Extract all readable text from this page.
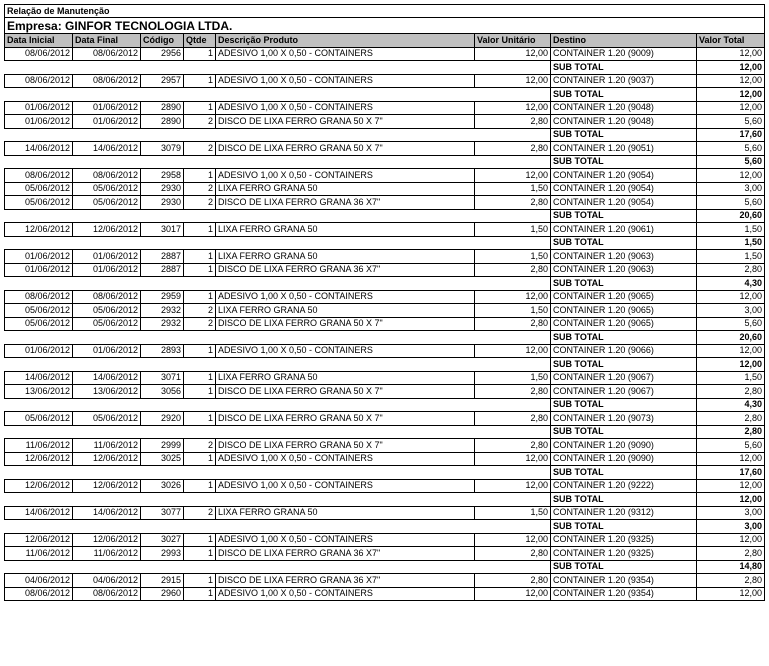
Relação de Manutenção							
Empresa: GINFOR TECNOLOGIA LTDA.							
Data Inicial	Data Final	Código	Qtde	Descrição Produto	Valor Unitário	Destino	Valor Total
08/06/2012	08/06/2012	2956	1	ADESIVO 1,00 X 0,50 - CONTAINERS	12,00	CONTAINER 1.20 (9009)	12,00
						SUB TOTAL	12,00
08/06/2012	08/06/2012	2957	1	ADESIVO 1,00 X 0,50 - CONTAINERS	12,00	CONTAINER 1.20 (9037)	12,00
						SUB TOTAL	12,00
01/06/2012	01/06/2012	2890	1	ADESIVO 1,00 X 0,50 - CONTAINERS	12,00	CONTAINER 1.20 (9048)	12,00
01/06/2012	01/06/2012	2890	2	DISCO DE LIXA FERRO GRANA 50 X 7"	2,80	CONTAINER 1.20 (9048)	5,60
						SUB TOTAL	17,60
14/06/2012	14/06/2012	3079	2	DISCO DE LIXA FERRO GRANA 50 X 7"	2,80	CONTAINER 1.20 (9051)	5,60
						SUB TOTAL	5,60
08/06/2012	08/06/2012	2958	1	ADESIVO 1,00 X 0,50 - CONTAINERS	12,00	CONTAINER 1.20 (9054)	12,00
05/06/2012	05/06/2012	2930	2	LIXA FERRO GRANA 50	1,50	CONTAINER 1.20 (9054)	3,00
05/06/2012	05/06/2012	2930	2	DISCO DE LIXA FERRO GRANA 36 X7"	2,80	CONTAINER 1.20 (9054)	5,60
						SUB TOTAL	20,60
12/06/2012	12/06/2012	3017	1	LIXA FERRO GRANA 50	1,50	CONTAINER 1.20 (9061)	1,50
						SUB TOTAL	1,50
01/06/2012	01/06/2012	2887	1	LIXA FERRO GRANA 50	1,50	CONTAINER 1.20 (9063)	1,50
01/06/2012	01/06/2012	2887	1	DISCO DE LIXA FERRO GRANA 36 X7"	2,80	CONTAINER 1.20 (9063)	2,80
						SUB TOTAL	4,30
08/06/2012	08/06/2012	2959	1	ADESIVO 1,00 X 0,50 - CONTAINERS	12,00	CONTAINER 1.20 (9065)	12,00
05/06/2012	05/06/2012	2932	2	LIXA FERRO GRANA 50	1,50	CONTAINER 1.20 (9065)	3,00
05/06/2012	05/06/2012	2932	2	DISCO DE LIXA FERRO GRANA 50 X 7"	2,80	CONTAINER 1.20 (9065)	5,60
						SUB TOTAL	20,60
01/06/2012	01/06/2012	2893	1	ADESIVO 1,00 X 0,50 - CONTAINERS	12,00	CONTAINER 1.20 (9066)	12,00
						SUB TOTAL	12,00
14/06/2012	14/06/2012	3071	1	LIXA FERRO GRANA 50	1,50	CONTAINER 1.20 (9067)	1,50
13/06/2012	13/06/2012	3056	1	DISCO DE LIXA FERRO GRANA 50 X 7"	2,80	CONTAINER 1.20 (9067)	2,80
						SUB TOTAL	4,30
05/06/2012	05/06/2012	2920	1	DISCO DE LIXA FERRO GRANA 50 X 7"	2,80	CONTAINER 1.20 (9073)	2,80
						SUB TOTAL	2,80
11/06/2012	11/06/2012	2999	2	DISCO DE LIXA FERRO GRANA 50 X 7"	2,80	CONTAINER 1.20 (9090)	5,60
12/06/2012	12/06/2012	3025	1	ADESIVO 1,00 X 0,50 - CONTAINERS	12,00	CONTAINER 1.20 (9090)	12,00
						SUB TOTAL	17,60
12/06/2012	12/06/2012	3026	1	ADESIVO 1,00 X 0,50 - CONTAINERS	12,00	CONTAINER 1.20 (9222)	12,00
						SUB TOTAL	12,00
14/06/2012	14/06/2012	3077	2	LIXA FERRO GRANA 50	1,50	CONTAINER 1.20 (9312)	3,00
						SUB TOTAL	3,00
12/06/2012	12/06/2012	3027	1	ADESIVO 1,00 X 0,50 - CONTAINERS	12,00	CONTAINER 1.20 (9325)	12,00
11/06/2012	11/06/2012	2993	1	DISCO DE LIXA FERRO GRANA 36 X7"	2,80	CONTAINER 1.20 (9325)	2,80
						SUB TOTAL	14,80
04/06/2012	04/06/2012	2915	1	DISCO DE LIXA FERRO GRANA 36 X7"	2,80	CONTAINER 1.20 (9354)	2,80
08/06/2012	08/06/2012	2960	1	ADESIVO 1,00 X 0,50 - CONTAINERS	12,00	CONTAINER 1.20 (9354)	12,00
